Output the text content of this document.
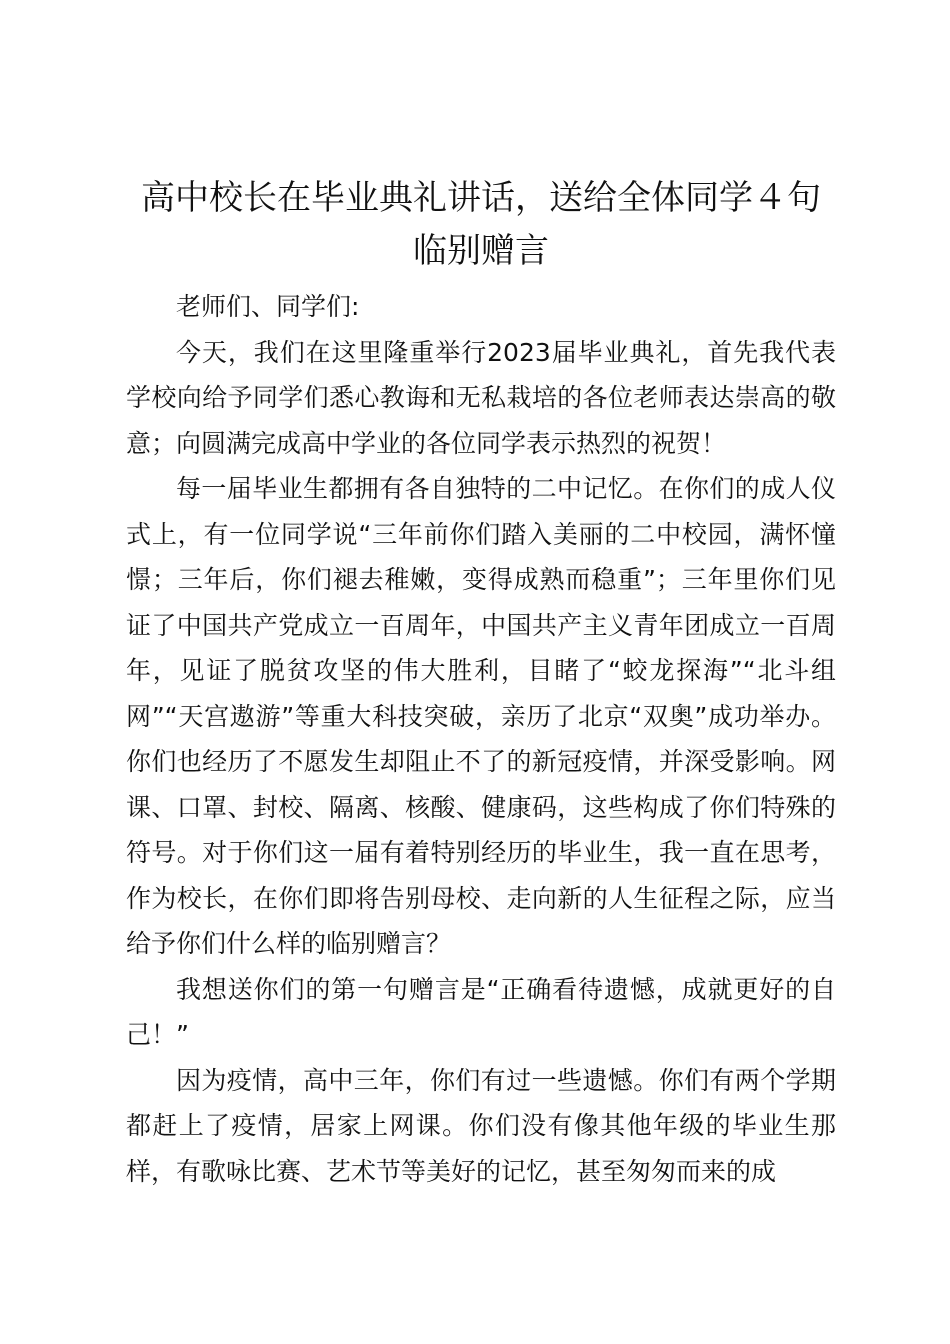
高中校长在毕业典礼讲话，送给全体同学４句临别赠言

老师们、同学们:

今天，我们在这里隆重举行2023届毕业典礼，首先我代表学校向给予同学们悉心教诲和无私栽培的各位老师表达崇高的敬意；向圆满完成高中学业的各位同学表示热烈的祝贺！

每一届毕业生都拥有各自独特的二中记忆。在你们的成人仪式上，有一位同学说“三年前你们踏入美丽的二中校园，满怀憧憬；三年后，你们褪去稚嫩，变得成熟而稳重”；三年里你们见证了中国共产党成立一百周年，中国共产主义青年团成立一百周年，见证了脱贫攻坚的伟大胜利，目睹了“蛟龙探海”“北斗组网”“天宫遨游”等重大科技突破，亲历了北京“双奥”成功举办。你们也经历了不愿发生却阻止不了的新冠疫情，并深受影响。网课、口罩、封校、隔离、核酸、健康码，这些构成了你们特殊的符号。对于你们这一届有着特别经历的毕业生，我一直在思考，作为校长，在你们即将告别母校、走向新的人生征程之际，应当给予你们什么样的临别赠言？

我想送你们的第一句赠言是“正确看待遗憾，成就更好的自己！”

因为疫情，高中三年，你们有过一些遗憾。你们有两个学期都赶上了疫情，居家上网课。你们没有像其他年级的毕业生那样，有歌咏比赛、艺术节等美好的记忆，甚至匆匆而来的成
